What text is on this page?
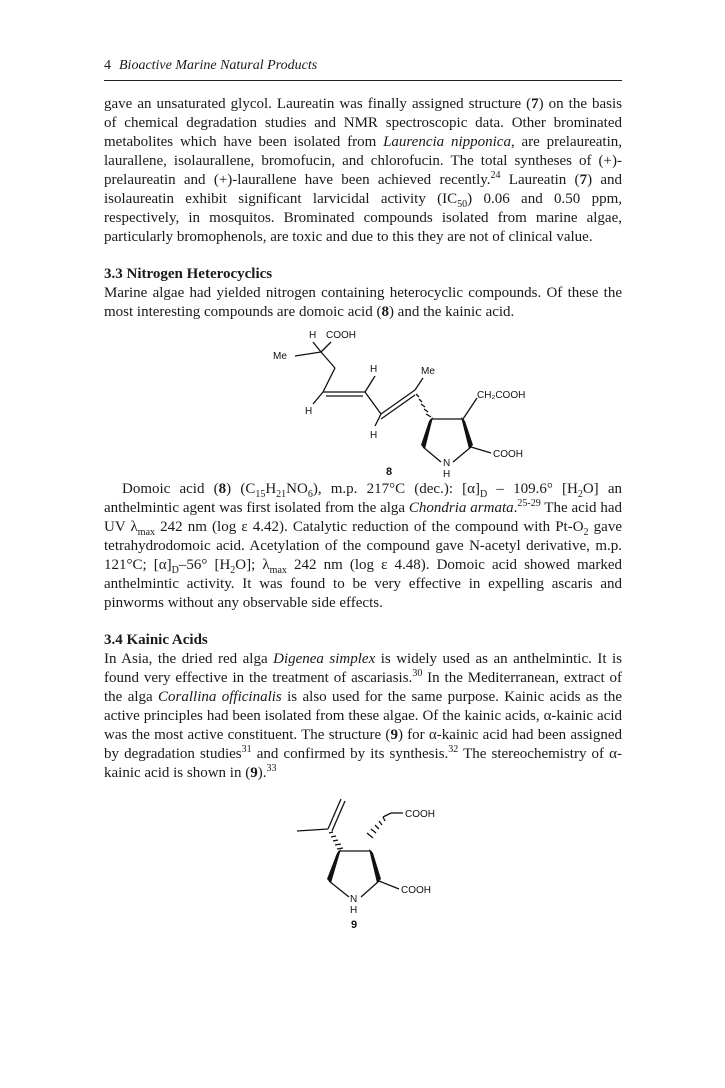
4 Bioactive Marine Natural Products

gave an unsaturated glycol. Laureatin was finally assigned structure (7) on the basis of chemical degradation studies and NMR spectroscopic data. Other brominated metabolites which have been isolated from Laurencia nipponica, are prelaureatin, laurallene, isolaurallene, bromofucin, and chlorofucin. The total syntheses of (+)-prelaureatin and (+)-laurallene have been achieved recently.$^{24}$ Laureatin (7) and isolaureatin exhibit significant larvicidal activity $(IC_{50})$ 0.06 and 0.50 ppm, respectively, in mosquitos. Brominated compounds isolated from marine algae, particularly bromophenols, are toxic and due to this they are not of clinical value.

3.3 Nitrogen Heterocyclics

Marine algae had yielded nitrogen containing heterocyclic compounds. Of these the most interesting compounds are domoic acid (8) and the kainic acid.

H COOH
Me
H	Me
H
CH₂COOH
H
N
H
COOH
8

Domoic acid (8) $(C_{15}H_{21}NO_6)$, m.p. 217°C (dec.): $[\alpha]_D - 109.6^\circ$ $[H_2O]$ an anthelmintic agent was first isolated from the alga Chondria armata.$^{25-29}$ The acid had UV $\lambda_{max}$ 242 nm (log ε 4.42). Catalytic reduction of the compound with $Pt-O_2$ gave tetrahydrodomoic acid. Acetylation of the compound gave N-acetyl derivative, m.p. 121°C; $[\alpha]_D-56^\circ$ $[H_2O]$; $\lambda_{max}$ 242 nm (log ε 4.48). Domoic acid showed marked anthelmintic activity. It was found to be very effective in expelling ascaris and pinworms without any observable side effects.

3.4 Kainic Acids

In Asia, the dried red alga Digenea simplex is widely used as an anthelmintic. It is found very effective in the treatment of ascariasis.$^{30}$ In the Mediterranean, extract of the alga Corallina officinalis is also used for the same purpose. Kainic acids as the active principles had been isolated from these algae. Of the kainic acids, α-kainic acid was the most active constituent. The structure (9) for α-kainic acid had been assigned by degradation studies$^{31}$ and confirmed by its synthesis.$^{32}$ The stereochemistry of α-kainic acid is shown in (9).$^{33}$

COOH
N
H
COOH
9
